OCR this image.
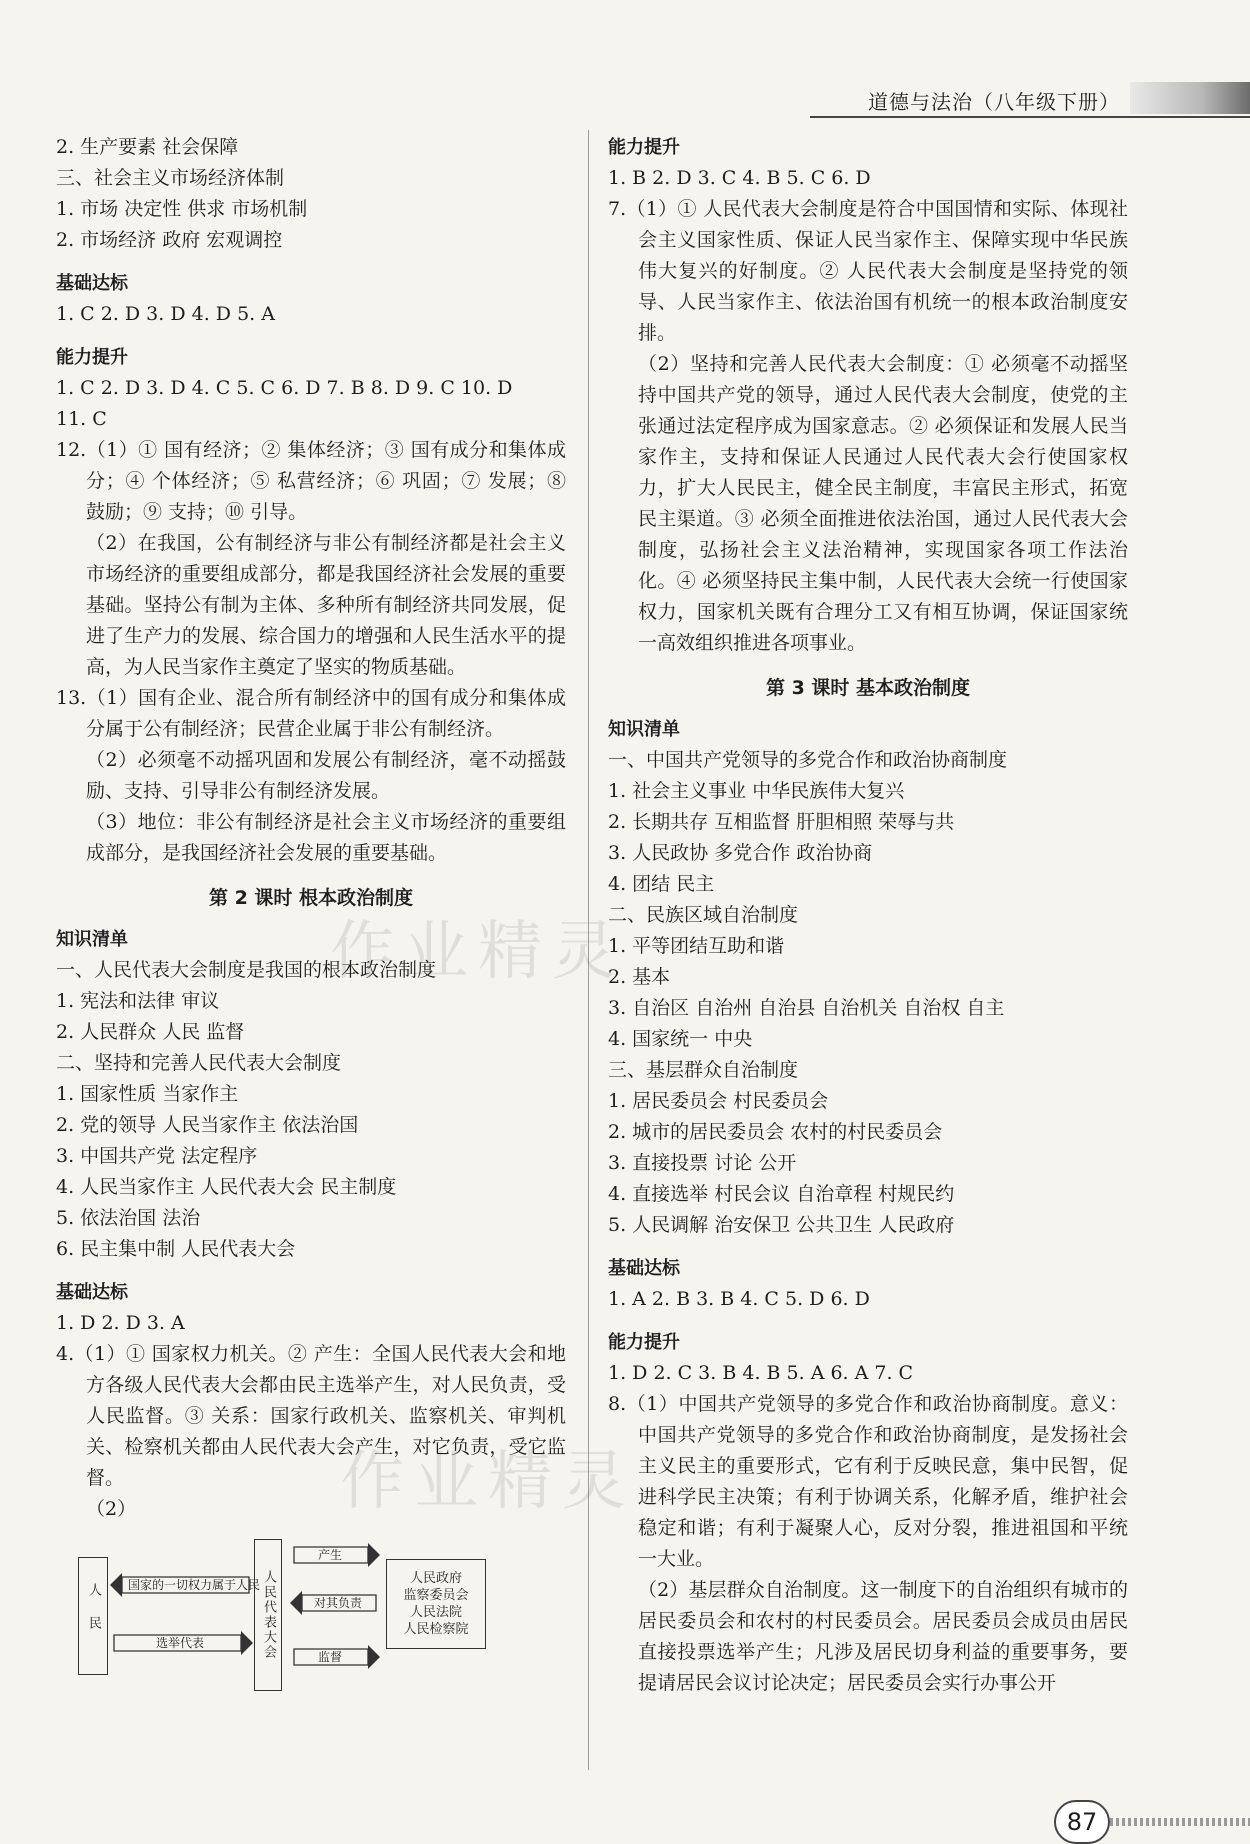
道德与法治（八年级下册）
作业精灵
作业精灵
2. 生产要素 社会保障
三、社会主义市场经济体制
1. 市场 决定性 供求 市场机制
2. 市场经济 政府 宏观调控
基础达标
1. C 2. D 3. D 4. D 5. A
能力提升
1. C 2. D 3. D 4. C 5. C 6. D 7. B 8. D 9. C 10. D
11. C
12.（1）① 国有经济；② 集体经济；③ 国有成分和集体成分；④ 个体经济；⑤ 私营经济；⑥ 巩固；⑦ 发展；⑧ 鼓励；⑨ 支持；⑩ 引导。
（2）在我国，公有制经济与非公有制经济都是社会主义市场经济的重要组成部分，都是我国经济社会发展的重要基础。坚持公有制为主体、多种所有制经济共同发展，促进了生产力的发展、综合国力的增强和人民生活水平的提高，为人民当家作主奠定了坚实的物质基础。
13.（1）国有企业、混合所有制经济中的国有成分和集体成分属于公有制经济；民营企业属于非公有制经济。
（2）必须毫不动摇巩固和发展公有制经济，毫不动摇鼓励、支持、引导非公有制经济发展。
（3）地位：非公有制经济是社会主义市场经济的重要组成部分，是我国经济社会发展的重要基础。
第 2 课时 根本政治制度
知识清单
一、人民代表大会制度是我国的根本政治制度
1. 宪法和法律 审议
2. 人民群众 人民 监督
二、坚持和完善人民代表大会制度
1. 国家性质 当家作主
2. 党的领导 人民当家作主 依法治国
3. 中国共产党 法定程序
4. 人民当家作主 人民代表大会 民主制度
5. 依法治国 法治
6. 民主集中制 人民代表大会
基础达标
1. D 2. D 3. A
4.（1）① 国家权力机关。② 产生：全国人民代表大会和地方各级人民代表大会都由民主选举产生，对人民负责，受人民监督。③ 关系：国家行政机关、监察机关、审判机关、检察机关都由人民代表大会产生，对它负责，受它监督。
（2）
人民	人民代表大会	人民政府
监察委员会
人民法院
人民检察院
国家的一切权力属于人民
选举代表
产生
对其负责
监督
能力提升
1. B 2. D 3. C 4. B 5. C 6. D
7.（1）① 人民代表大会制度是符合中国国情和实际、体现社会主义国家性质、保证人民当家作主、保障实现中华民族伟大复兴的好制度。② 人民代表大会制度是坚持党的领导、人民当家作主、依法治国有机统一的根本政治制度安排。
（2）坚持和完善人民代表大会制度：① 必须毫不动摇坚持中国共产党的领导，通过人民代表大会制度，使党的主张通过法定程序成为国家意志。② 必须保证和发展人民当家作主，支持和保证人民通过人民代表大会行使国家权力，扩大人民民主，健全民主制度，丰富民主形式，拓宽民主渠道。③ 必须全面推进依法治国，通过人民代表大会制度，弘扬社会主义法治精神，实现国家各项工作法治化。④ 必须坚持民主集中制，人民代表大会统一行使国家权力，国家机关既有合理分工又有相互协调，保证国家统一高效组织推进各项事业。
第 3 课时 基本政治制度
知识清单
一、中国共产党领导的多党合作和政治协商制度
1. 社会主义事业 中华民族伟大复兴
2. 长期共存 互相监督 肝胆相照 荣辱与共
3. 人民政协 多党合作 政治协商
4. 团结 民主
二、民族区域自治制度
1. 平等团结互助和谐
2. 基本
3. 自治区 自治州 自治县 自治机关 自治权 自主
4. 国家统一 中央
三、基层群众自治制度
1. 居民委员会 村民委员会
2. 城市的居民委员会 农村的村民委员会
3. 直接投票 讨论 公开
4. 直接选举 村民会议 自治章程 村规民约
5. 人民调解 治安保卫 公共卫生 人民政府
基础达标
1. A 2. B 3. B 4. C 5. D 6. D
能力提升
1. D 2. C 3. B 4. B 5. A 6. A 7. C
8.（1）中国共产党领导的多党合作和政治协商制度。意义：中国共产党领导的多党合作和政治协商制度，是发扬社会主义民主的重要形式，它有利于反映民意，集中民智，促进科学民主决策；有利于协调关系，化解矛盾，维护社会稳定和谐；有利于凝聚人心，反对分裂，推进祖国和平统一大业。
（2）基层群众自治制度。这一制度下的自治组织有城市的居民委员会和农村的村民委员会。居民委员会成员由居民直接投票选举产生；凡涉及居民切身利益的重要事务，要提请居民会议讨论决定；居民委员会实行办事公开
87
